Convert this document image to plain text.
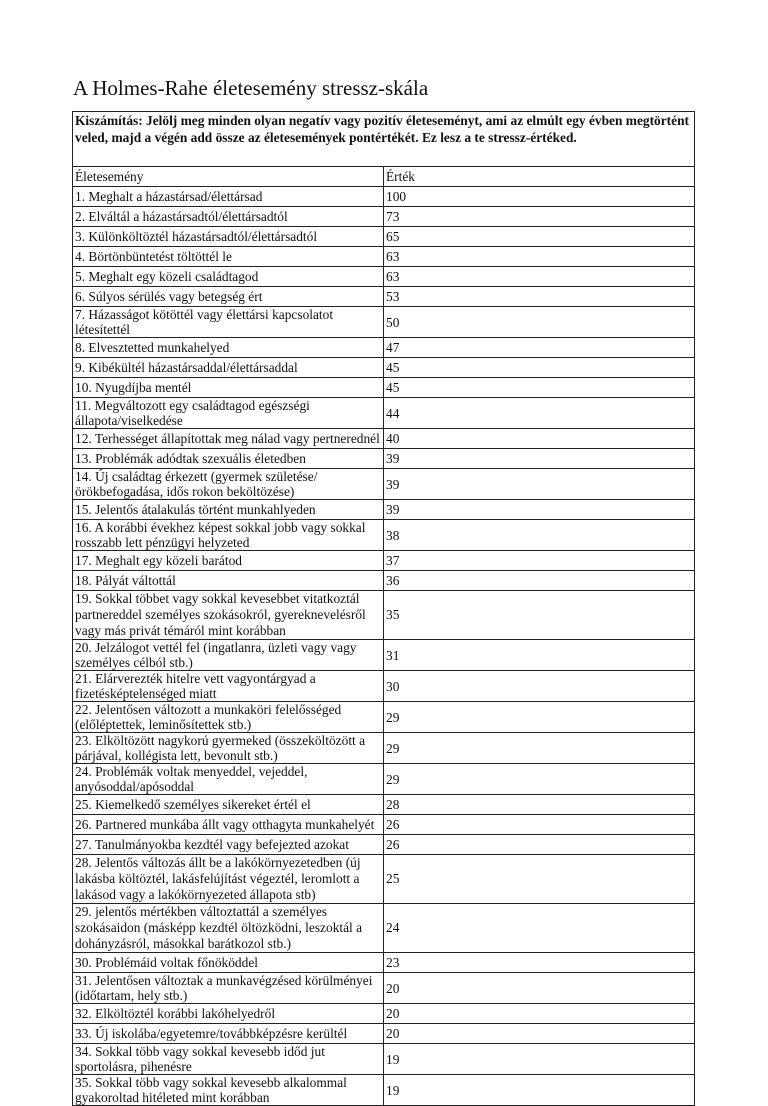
A Holmes-Rahe életesemény stressz-skála
Kiszámítás: Jelölj meg minden olyan negatív vagy pozitív életeseményt, ami az elmúlt egy évben megtörtént veled, majd a végén add össze az életesemények pontértékét. Ez lesz a te stressz-értéked.	
Életesemény	Érték
1. Meghalt a házastársad/élettársad	100
2. Elváltál a házastársadtól/élettársadtól	73
3. Különköltöztél házastársadtól/élettársadtól	65
4. Börtönbüntetést töltöttél le	63
5. Meghalt egy közeli családtagod	63
6. Súlyos sérülés vagy betegség ért	53
7. Házasságot kötöttél vagy élettársi kapcsolatot létesítettél	50
8. Elvesztetted munkahelyed	47
9. Kibékültél házastársaddal/élettársaddal	45
10. Nyugdíjba mentél	45
11. Megváltozott egy családtagod egészségi állapota/viselkedése	44
12. Terhességet állapítottak meg nálad vagy pertnerednél	40
13. Problémák adódtak szexuális életedben	39
14. Új családtag érkezett (gyermek születése/örökbefogadása, idős rokon beköltözése)	39
15. Jelentős átalakulás történt munkahlyeden	39
16. A korábbi évekhez képest sokkal jobb vagy sokkal rosszabb lett pénzügyi helyzeted	38
17. Meghalt egy közeli barátod	37
18. Pályát váltottál	36
19. Sokkal többet vagy sokkal kevesebbet vitatkoztál partnereddel személyes szokásokról, gyereknevelésről vagy más privát témáról mint korábban	35
20. Jelzálogot vettél fel (ingatlanra, üzleti vagy vagy személyes célból stb.)	31
21. Elárverezték hitelre vett vagyontárgyad a fizetésképtelenséged miatt	30
22. Jelentősen változott a munkaköri felelősséged (előléptettek, leminősítettek stb.)	29
23. Elköltözött nagykorú gyermeked (összeköltözött a párjával, kollégista lett, bevonult stb.)	29
24. Problémák voltak menyeddel, vejeddel, anyósoddal/apósoddal	29
25. Kiemelkedő személyes sikereket értél el	28
26. Partnered munkába állt vagy otthagyta munkahelyét	26
27. Tanulmányokba kezdtél vagy befejezted azokat	26
28. Jelentős változás állt be a lakókörnyezetedben (új lakásba költöztél, lakásfelújítást végeztél, leromlott a lakásod vagy a lakókörnyezeted állapota stb)	25
29. jelentős mértékben változtattál a személyes szokásaidon (másképp kezdtél öltözködni, leszoktál a dohányzásról, másokkal barátkozol stb.)	24
30. Problémáid voltak főnököddel	23
31. Jelentősen változtak a munkavégzésed körülményei (időtartam, hely stb.)	20
32. Elköltöztél korábbi lakóhelyedről	20
33. Új iskolába/egyetemre/továbbképzésre kerültél	20
34. Sokkal több vagy sokkal kevesebb időd jut sportolásra, pihenésre	19
35. Sokkal több vagy sokkal kevesebb alkalommal gyakoroltad hitéleted mint korábban	19
